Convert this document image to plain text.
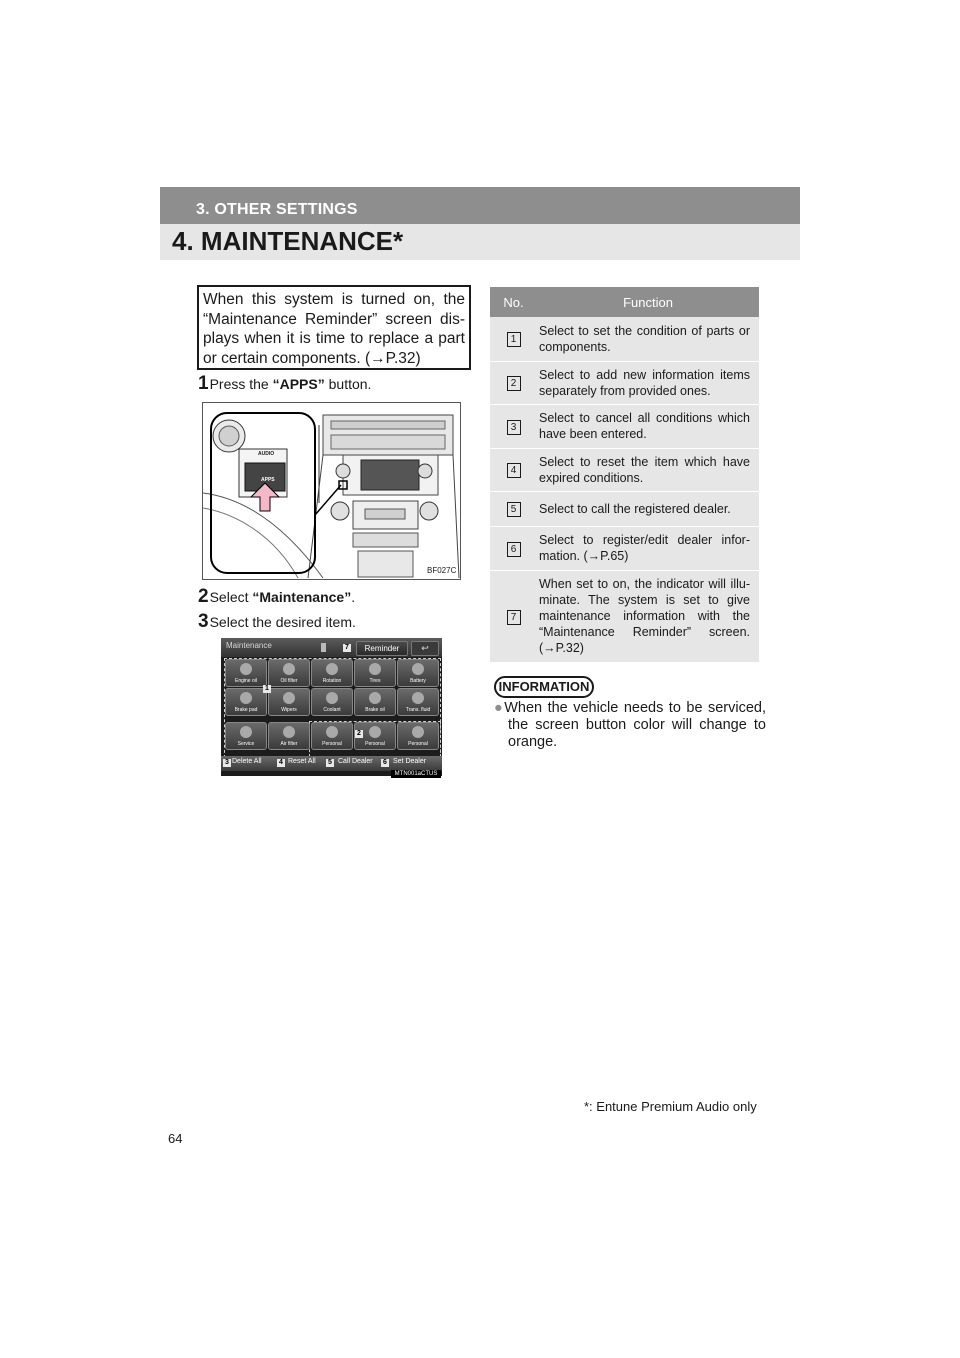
3. OTHER SETTINGS
4. MAINTENANCE*
When this system is turned on, the “Maintenance Reminder” screen dis-plays when it is time to replace a part or certain components. (→P.32)
1Press the “APPS” button.
AUDIO
APPS
BF027C
2Select “Maintenance”.
3Select the desired item.
Maintenance	7	Reminder	↩
Engine oil	Oil filter	Rotation	Tires	Battery
Brake pad	Wipers	Coolant	Brake oil	Trans. fluid
Service	Air filter	Personal	Personal	Personal
1
2
3 Delete All 4 Reset All 5 Call Dealer 6 Set Dealer
MTN001aCTUS
No.	Function
1	Select to set the condition of parts or components.
2	Select to add new information items separately from provided ones.
3	Select to cancel all conditions which have been entered.
4	Select to reset the item which have expired conditions.
5	Select to call the registered dealer.
6	Select to register/edit dealer infor-mation. (→P.65)
7	When set to on, the indicator will illu-minate. The system is set to give maintenance information with the “Maintenance Reminder” screen. (→P.32)
INFORMATION
●When the vehicle needs to be serviced, the screen button color will change to orange.
*: Entune Premium Audio only
64
